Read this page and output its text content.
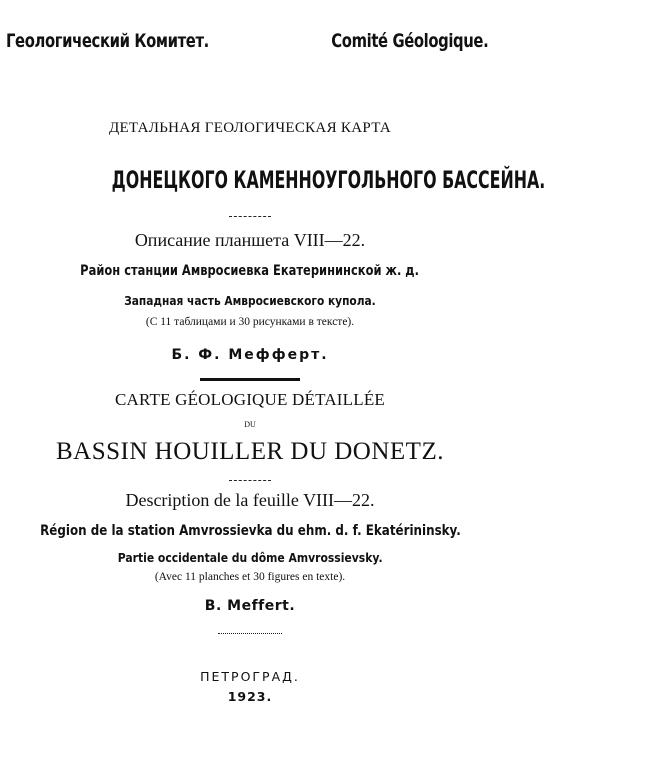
Геологический Комитет.	Comité Géologique.
ДЕТАЛЬНАЯ ГЕОЛОГИЧЕСКАЯ КАРТА
ДОНЕЦКОГО КАМЕННОУГОЛЬНОГО БАССЕЙНА.
Описание планшета VIII—22.
Район станции Амвросиевка Екатерининской ж. д.
Западная часть Амвросиевского купола.
(С 11 таблицами и 30 рисунками в тексте).
Б. Ф. Мефферт.
CARTE GÉOLOGIQUE DÉTAILLÉE
DU
BASSIN HOUILLER DU DONETZ.
Description de la feuille VIII—22.
Région de la station Amvrossievka du ehm. d. f. Ekatérininsky.
Partie occidentale du dôme Amvrossievsky.
(Avec 11 planches et 30 figures en texte).
B. Meffert.
ПЕТРОГРАД.
1923.
